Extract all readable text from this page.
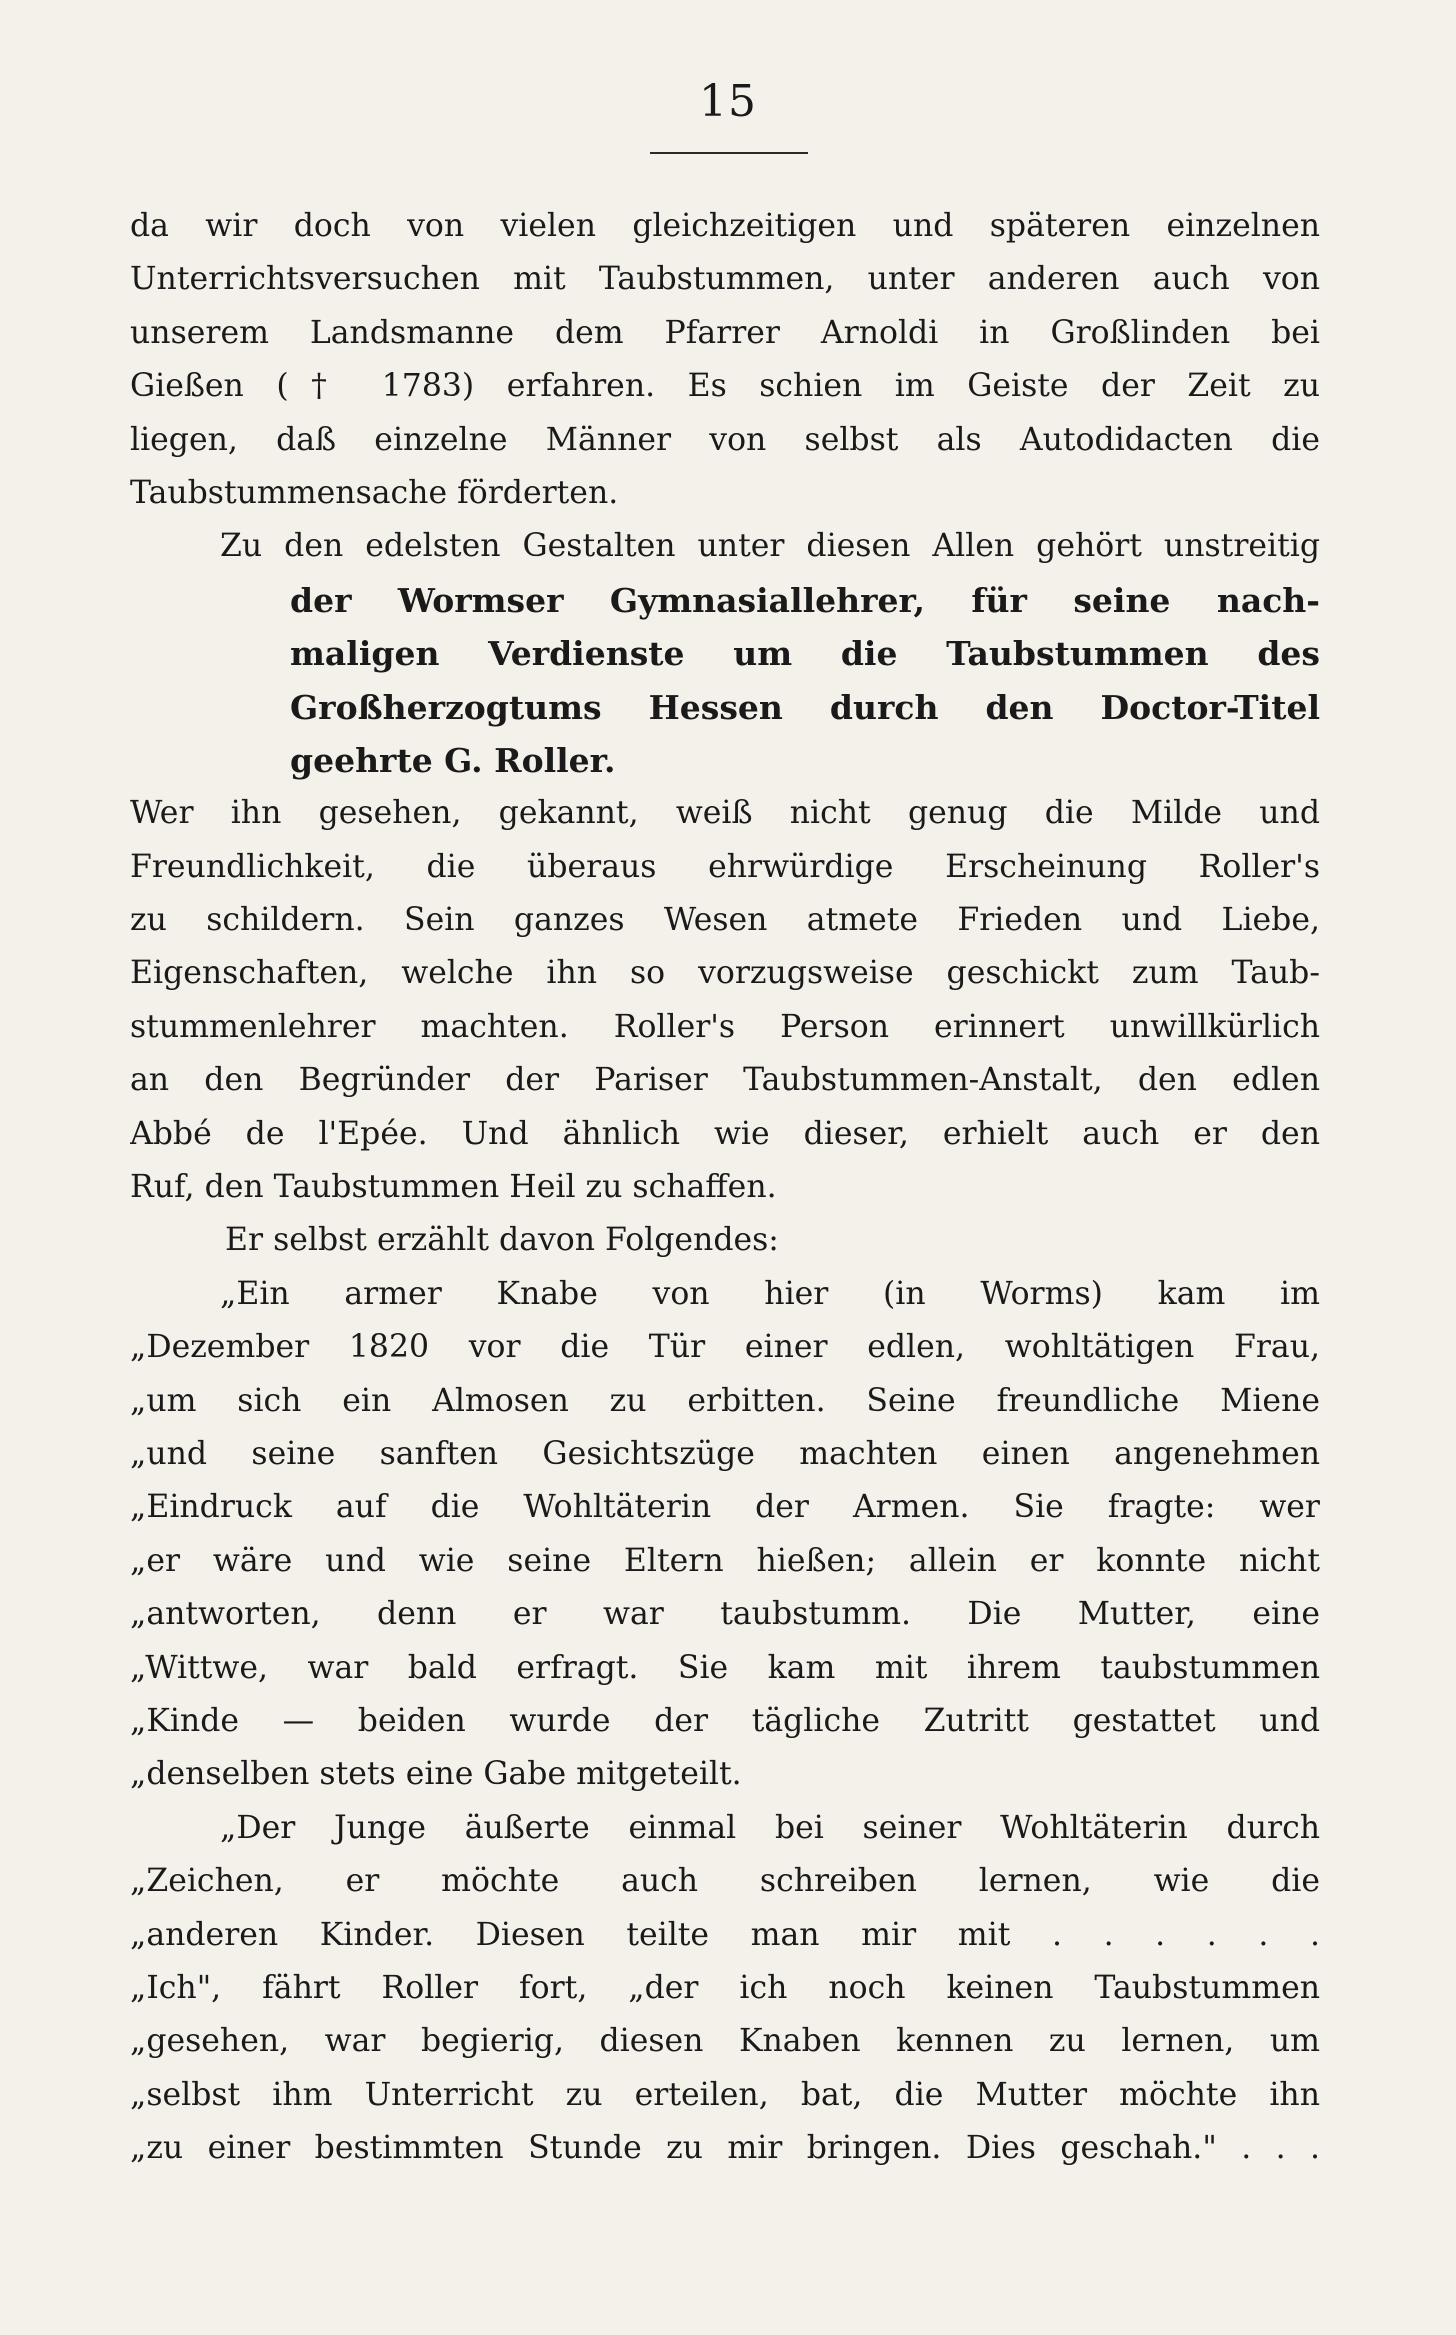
15
da wir doch von vielen gleichzeitigen und späteren einzelnen
Unterrichtsversuchen mit Taubstummen, unter anderen auch von
unserem Landsmanne dem Pfarrer Arnoldi in Großlinden bei
Gießen († 1783) erfahren. Es schien im Geiste der Zeit zu
liegen, daß einzelne Männer von selbst als Autodidacten die
Taubstummensache förderten.
Zu den edelsten Gestalten unter diesen Allen gehört unstreitig
der Wormser Gymnasiallehrer, für seine nach-
maligen Verdienste um die Taubstummen des
Großherzogtums Hessen durch den Doctor-Titel
geehrte G. Roller.
Wer ihn gesehen, gekannt, weiß nicht genug die Milde und
Freundlichkeit, die überaus ehrwürdige Erscheinung Roller's
zu schildern. Sein ganzes Wesen atmete Frieden und Liebe,
Eigenschaften, welche ihn so vorzugsweise geschickt zum Taub-
stummenlehrer machten. Roller's Person erinnert unwillkürlich
an den Begründer der Pariser Taubstummen-Anstalt, den edlen
Abbé de l'Epée. Und ähnlich wie dieser, erhielt auch er den
Ruf, den Taubstummen Heil zu schaffen.
Er selbst erzählt davon Folgendes:
„Ein armer Knabe von hier (in Worms) kam im
„Dezember 1820 vor die Tür einer edlen, wohltätigen Frau,
„um sich ein Almosen zu erbitten. Seine freundliche Miene
„und seine sanften Gesichtszüge machten einen angenehmen
„Eindruck auf die Wohltäterin der Armen. Sie fragte: wer
„er wäre und wie seine Eltern hießen; allein er konnte nicht
„antworten, denn er war taubstumm. Die Mutter, eine
„Wittwe, war bald erfragt. Sie kam mit ihrem taubstummen
„Kinde — beiden wurde der tägliche Zutritt gestattet und
„denselben stets eine Gabe mitgeteilt.
„Der Junge äußerte einmal bei seiner Wohltäterin durch
„Zeichen, er möchte auch schreiben lernen, wie die
„anderen Kinder. Diesen teilte man mir mit . . . . . .
„Ich", fährt Roller fort, „der ich noch keinen Taubstummen
„gesehen, war begierig, diesen Knaben kennen zu lernen, um
„selbst ihm Unterricht zu erteilen, bat, die Mutter möchte ihn
„zu einer bestimmten Stunde zu mir bringen. Dies geschah." . . .
